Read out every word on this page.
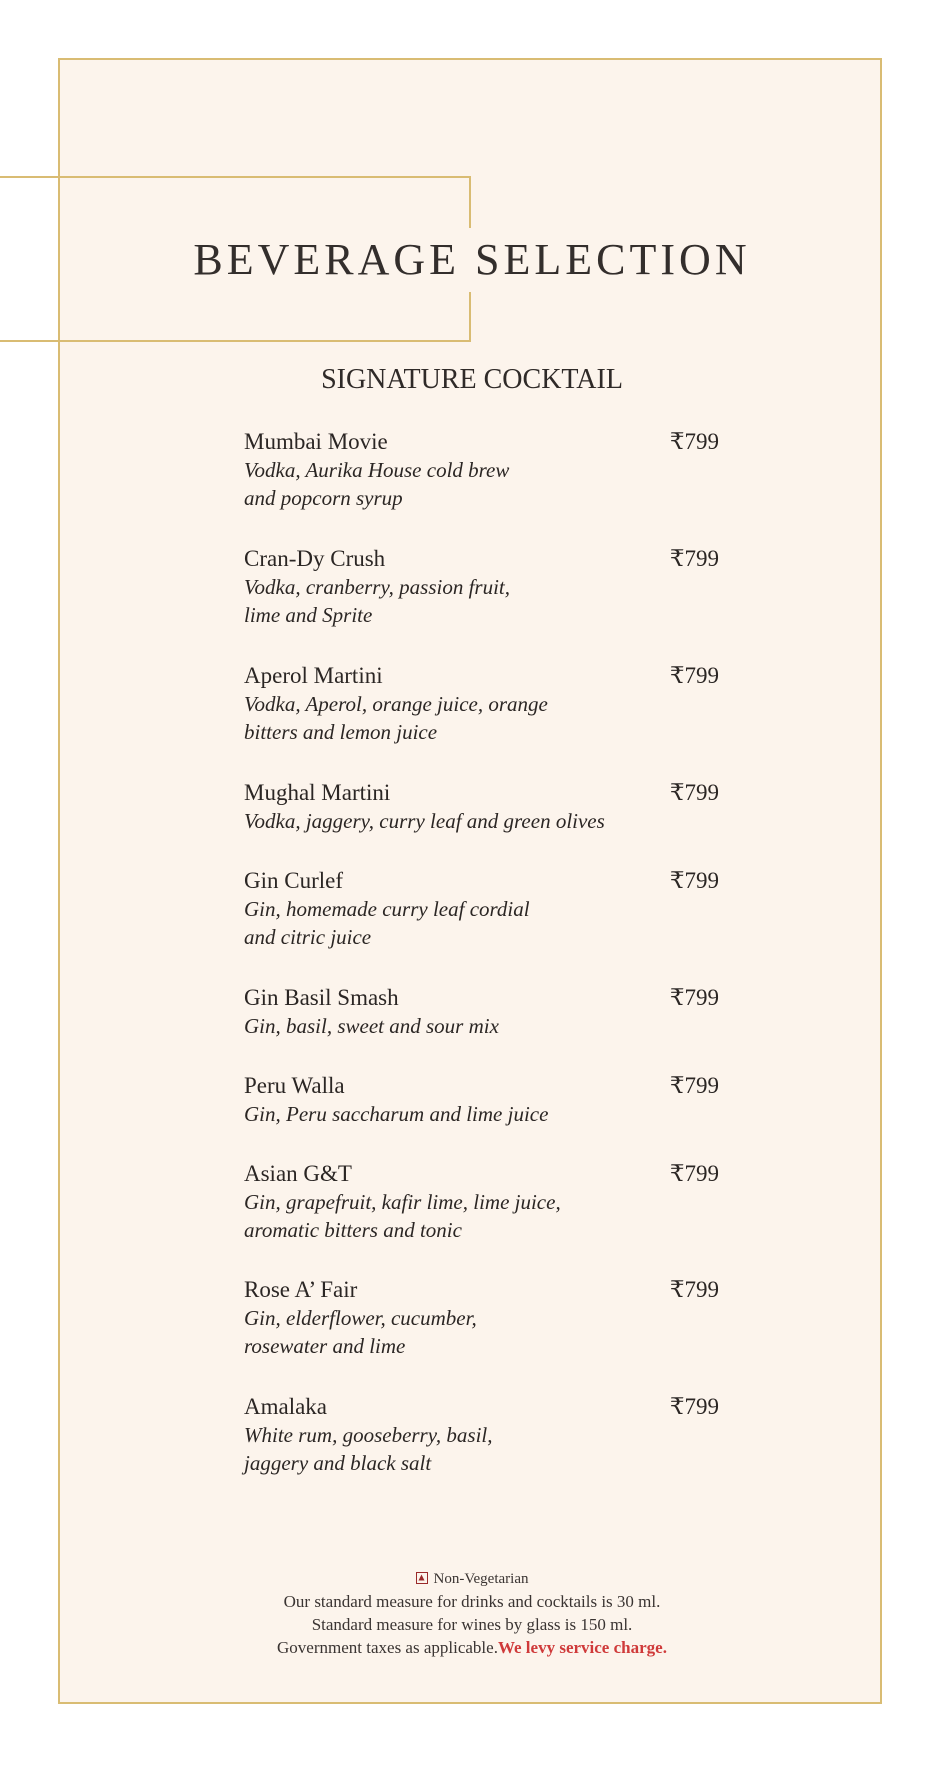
BEVERAGE SELECTION
SIGNATURE COCKTAIL
Mumbai Movie	₹799
Vodka, Aurika House cold brew
and popcorn syrup
Cran-Dy Crush	₹799
Vodka, cranberry, passion fruit,
lime and Sprite
Aperol Martini	₹799
Vodka, Aperol, orange juice, orange
bitters and lemon juice
Mughal Martini	₹799
Vodka, jaggery, curry leaf and green olives
Gin Curlef	₹799
Gin, homemade curry leaf cordial
and citric juice
Gin Basil Smash	₹799
Gin, basil, sweet and sour mix
Peru Walla	₹799
Gin, Peru saccharum and lime juice
Asian G&T	₹799
Gin, grapefruit, kafir lime, lime juice,
aromatic bitters and tonic
Rose A’ Fair	₹799
Gin, elderflower, cucumber,
rosewater and lime
Amalaka	₹799
White rum, gooseberry, basil,
jaggery and black salt
Non-Vegetarian
Our standard measure for drinks and cocktails is 30 ml.
Standard measure for wines by glass is 150 ml.
Government taxes as applicable.We levy service charge.
